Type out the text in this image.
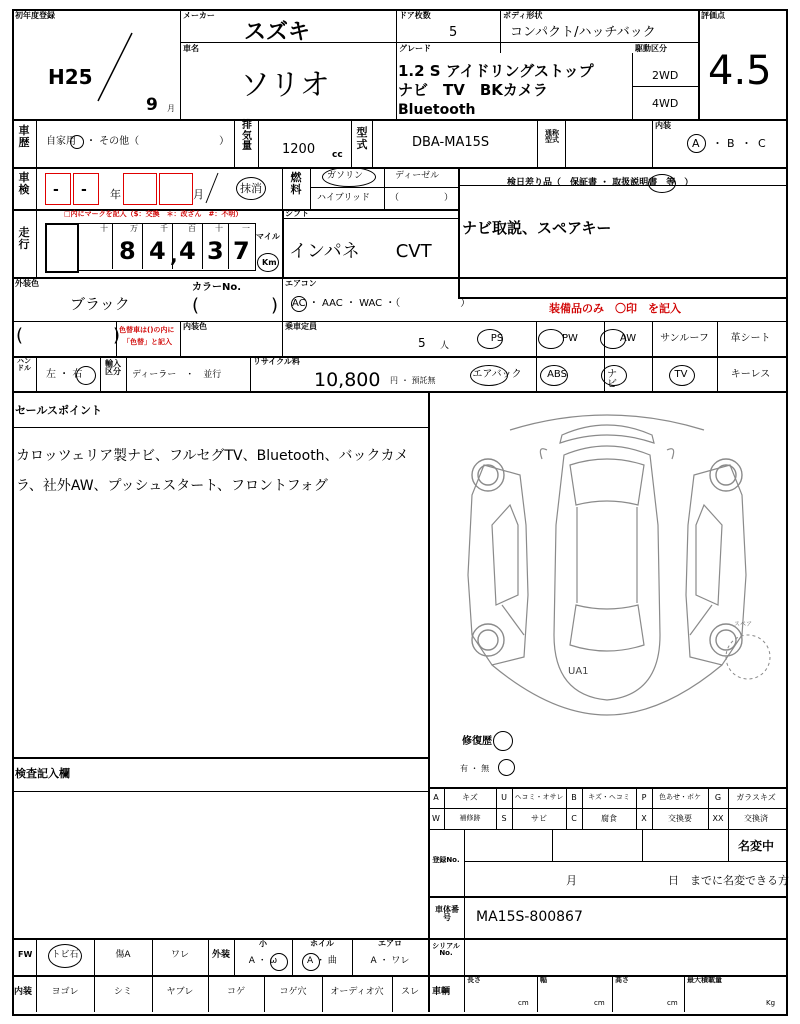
初年度登録
H25
9 月
メーカー
スズキ
ドア枚数
5
ボディ形状
コンパクト/ハッチバック
評価点
4.5
車名
ソリオ
グレード
1.2 S アイドリングストップ
ナビ　TV　BKカメラ
Bluetooth
駆動区分
2WD
4WD
車歴 自家用　・ その他（　　　　　　　　）
排気量 1200 cc
型式	DBA-MA15S
通称型式
内装
A ・ B ・ C
車検 - - 年	月	抹消
燃料
ガソリン	ディーゼル
ハイブリッド （　　　　　）
検日差り品（　保証書 ・ 取扱説明書　等　）
ナビ取説、スペアキー
走行
□内にマークを記入（$：交換　＊：改ざん　#：不明）
十	万	千	百 十 一
8 4 , 4 3 7
マイル
Km
シフト
インパネ　　CVT
外装色
ブラック
カラーNo.
(　　　　)
エアコン
AC ・ AAC ・ WAC ・（　　　　　　）	装備品のみ　〇印　を記入
(　　　　　)
色替車は()の内に
「色替」と記入
内装色	乗車定員
5 人
PS	PW	AW	サンルーフ	革シート
エアバック	ABS	ナビ
TV	キーレス
ハンドル
左 ・ 右
輸入区分	ディーラー　・　並行
リサイクル料
10,800 円 ・ 預託無
セールスポイント
カロッツェリア製ナビ、フルセグTV、Bluetooth、バックカメラ、社外AW、プッシュスタート、フロントフォグ
検査記入欄
UA1
スペア
修復歴
有 ・ 無
A	キズ	U	ヘコミ・オサレ B	キズ・ヘコミ	P	色あせ・ボケ	G	ガラスキズ
W	補修跡	S	サビ	C	腐食	X	交換要	XX	交換済
登録No.
名変中
月	日　までに名変できる方
車体番号	MA15S-800867
FW	トビ石	傷A	ワレ	外装
小
A ・ ω
ホイル
A ・ 曲
エアロ
A ・ ワレ
シリアルNo.
内装	ヨゴレ	シミ	ヤブレ	コゲ	コゲ穴	オーディオ穴	スレ	車輌
長さ
cm
幅
cm
高さ
cm
最大積載量
Kg
